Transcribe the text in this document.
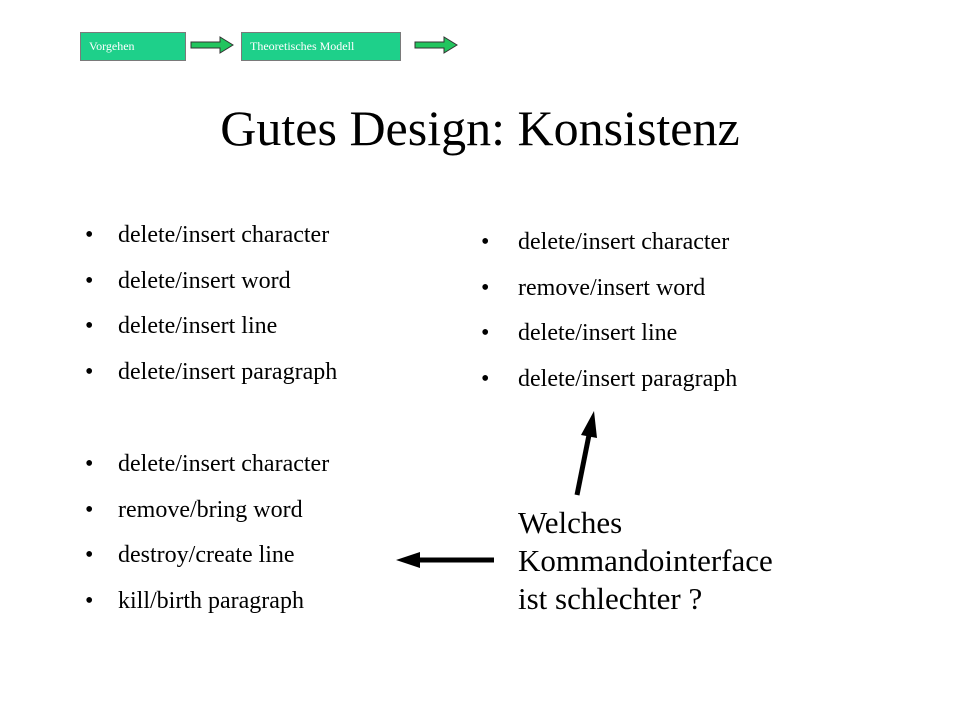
Vorgehen	Theoretisches Modell
Gutes Design: Konsistenz
• delete/insert character
• delete/insert word
• delete/insert line
• delete/insert paragraph
• delete/insert character
• remove/bring word
• destroy/create line
• kill/birth paragraph
• delete/insert character
• remove/insert word
• delete/insert line
• delete/insert paragraph
Welches
Kommandointerface
ist schlechter ?
